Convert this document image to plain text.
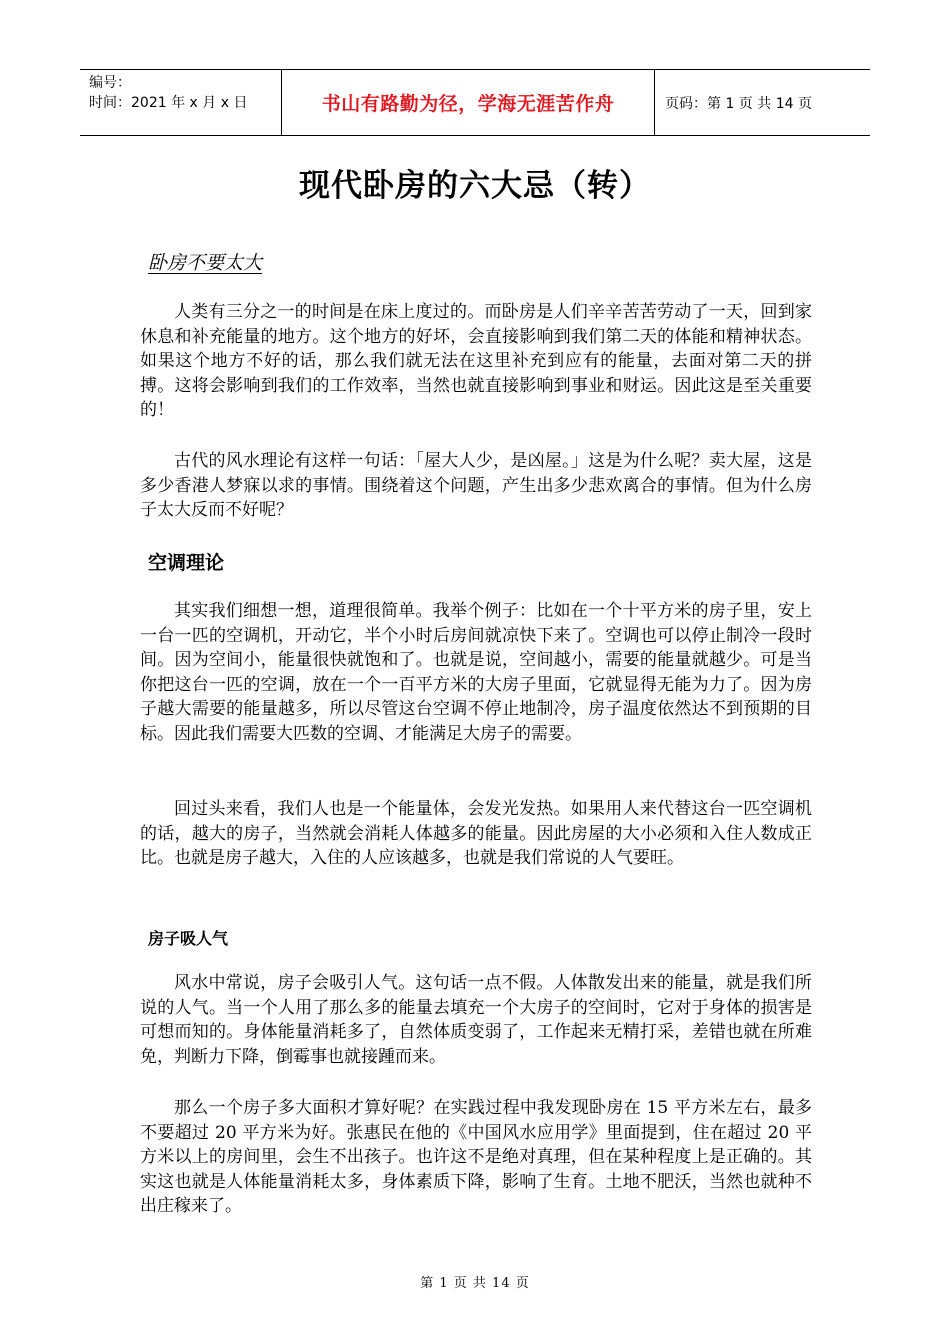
编号：
时间：2021 年 x 月 x 日	书山有路勤为径，学海无涯苦作舟	页码：第 1 页 共 14 页
现代卧房的六大忌（转）
卧房不要太大

人类有三分之一的时间是在床上度过的。而卧房是人们辛辛苦苦劳动了一天，回到家休息和补充能量的地方。这个地方的好坏，会直接影响到我们第二天的体能和精神状态。如果这个地方不好的话，那么我们就无法在这里补充到应有的能量，去面对第二天的拼搏。这将会影响到我们的工作效率，当然也就直接影响到事业和财运。因此这是至关重要的！

古代的风水理论有这样一句话：「屋大人少，是凶屋。」这是为什么呢？卖大屋，这是多少香港人梦寐以求的事情。围绕着这个问题，产生出多少悲欢离合的事情。但为什么房子太大反而不好呢？

空调理论

其实我们细想一想，道理很简单。我举个例子：比如在一个十平方米的房子里，安上一台一匹的空调机，开动它，半个小时后房间就凉快下来了。空调也可以停止制冷一段时间。因为空间小，能量很快就饱和了。也就是说，空间越小，需要的能量就越少。可是当你把这台一匹的空调，放在一个一百平方米的大房子里面，它就显得无能为力了。因为房子越大需要的能量越多，所以尽管这台空调不停止地制冷，房子温度依然达不到预期的目标。因此我们需要大匹数的空调、才能满足大房子的需要。

回过头来看，我们人也是一个能量体，会发光发热。如果用人来代替这台一匹空调机的话，越大的房子，当然就会消耗人体越多的能量。因此房屋的大小必须和入住人数成正比。也就是房子越大，入住的人应该越多，也就是我们常说的人气要旺。

房子吸人气

风水中常说，房子会吸引人气。这句话一点不假。人体散发出来的能量，就是我们所说的人气。当一个人用了那么多的能量去填充一个大房子的空间时，它对于身体的损害是可想而知的。身体能量消耗多了，自然体质变弱了，工作起来无精打采，差错也就在所难免，判断力下降，倒霉事也就接踵而来。

那么一个房子多大面积才算好呢？在实践过程中我发现卧房在 15 平方米左右，最多不要超过 20 平方米为好。张惠民在他的《中国风水应用学》里面提到，住在超过 20 平方米以上的房间里，会生不出孩子。也许这不是绝对真理，但在某种程度上是正确的。其实这也就是人体能量消耗太多，身体素质下降，影响了生育。土地不肥沃，当然也就种不出庄稼来了。

第 1 页 共 14 页
